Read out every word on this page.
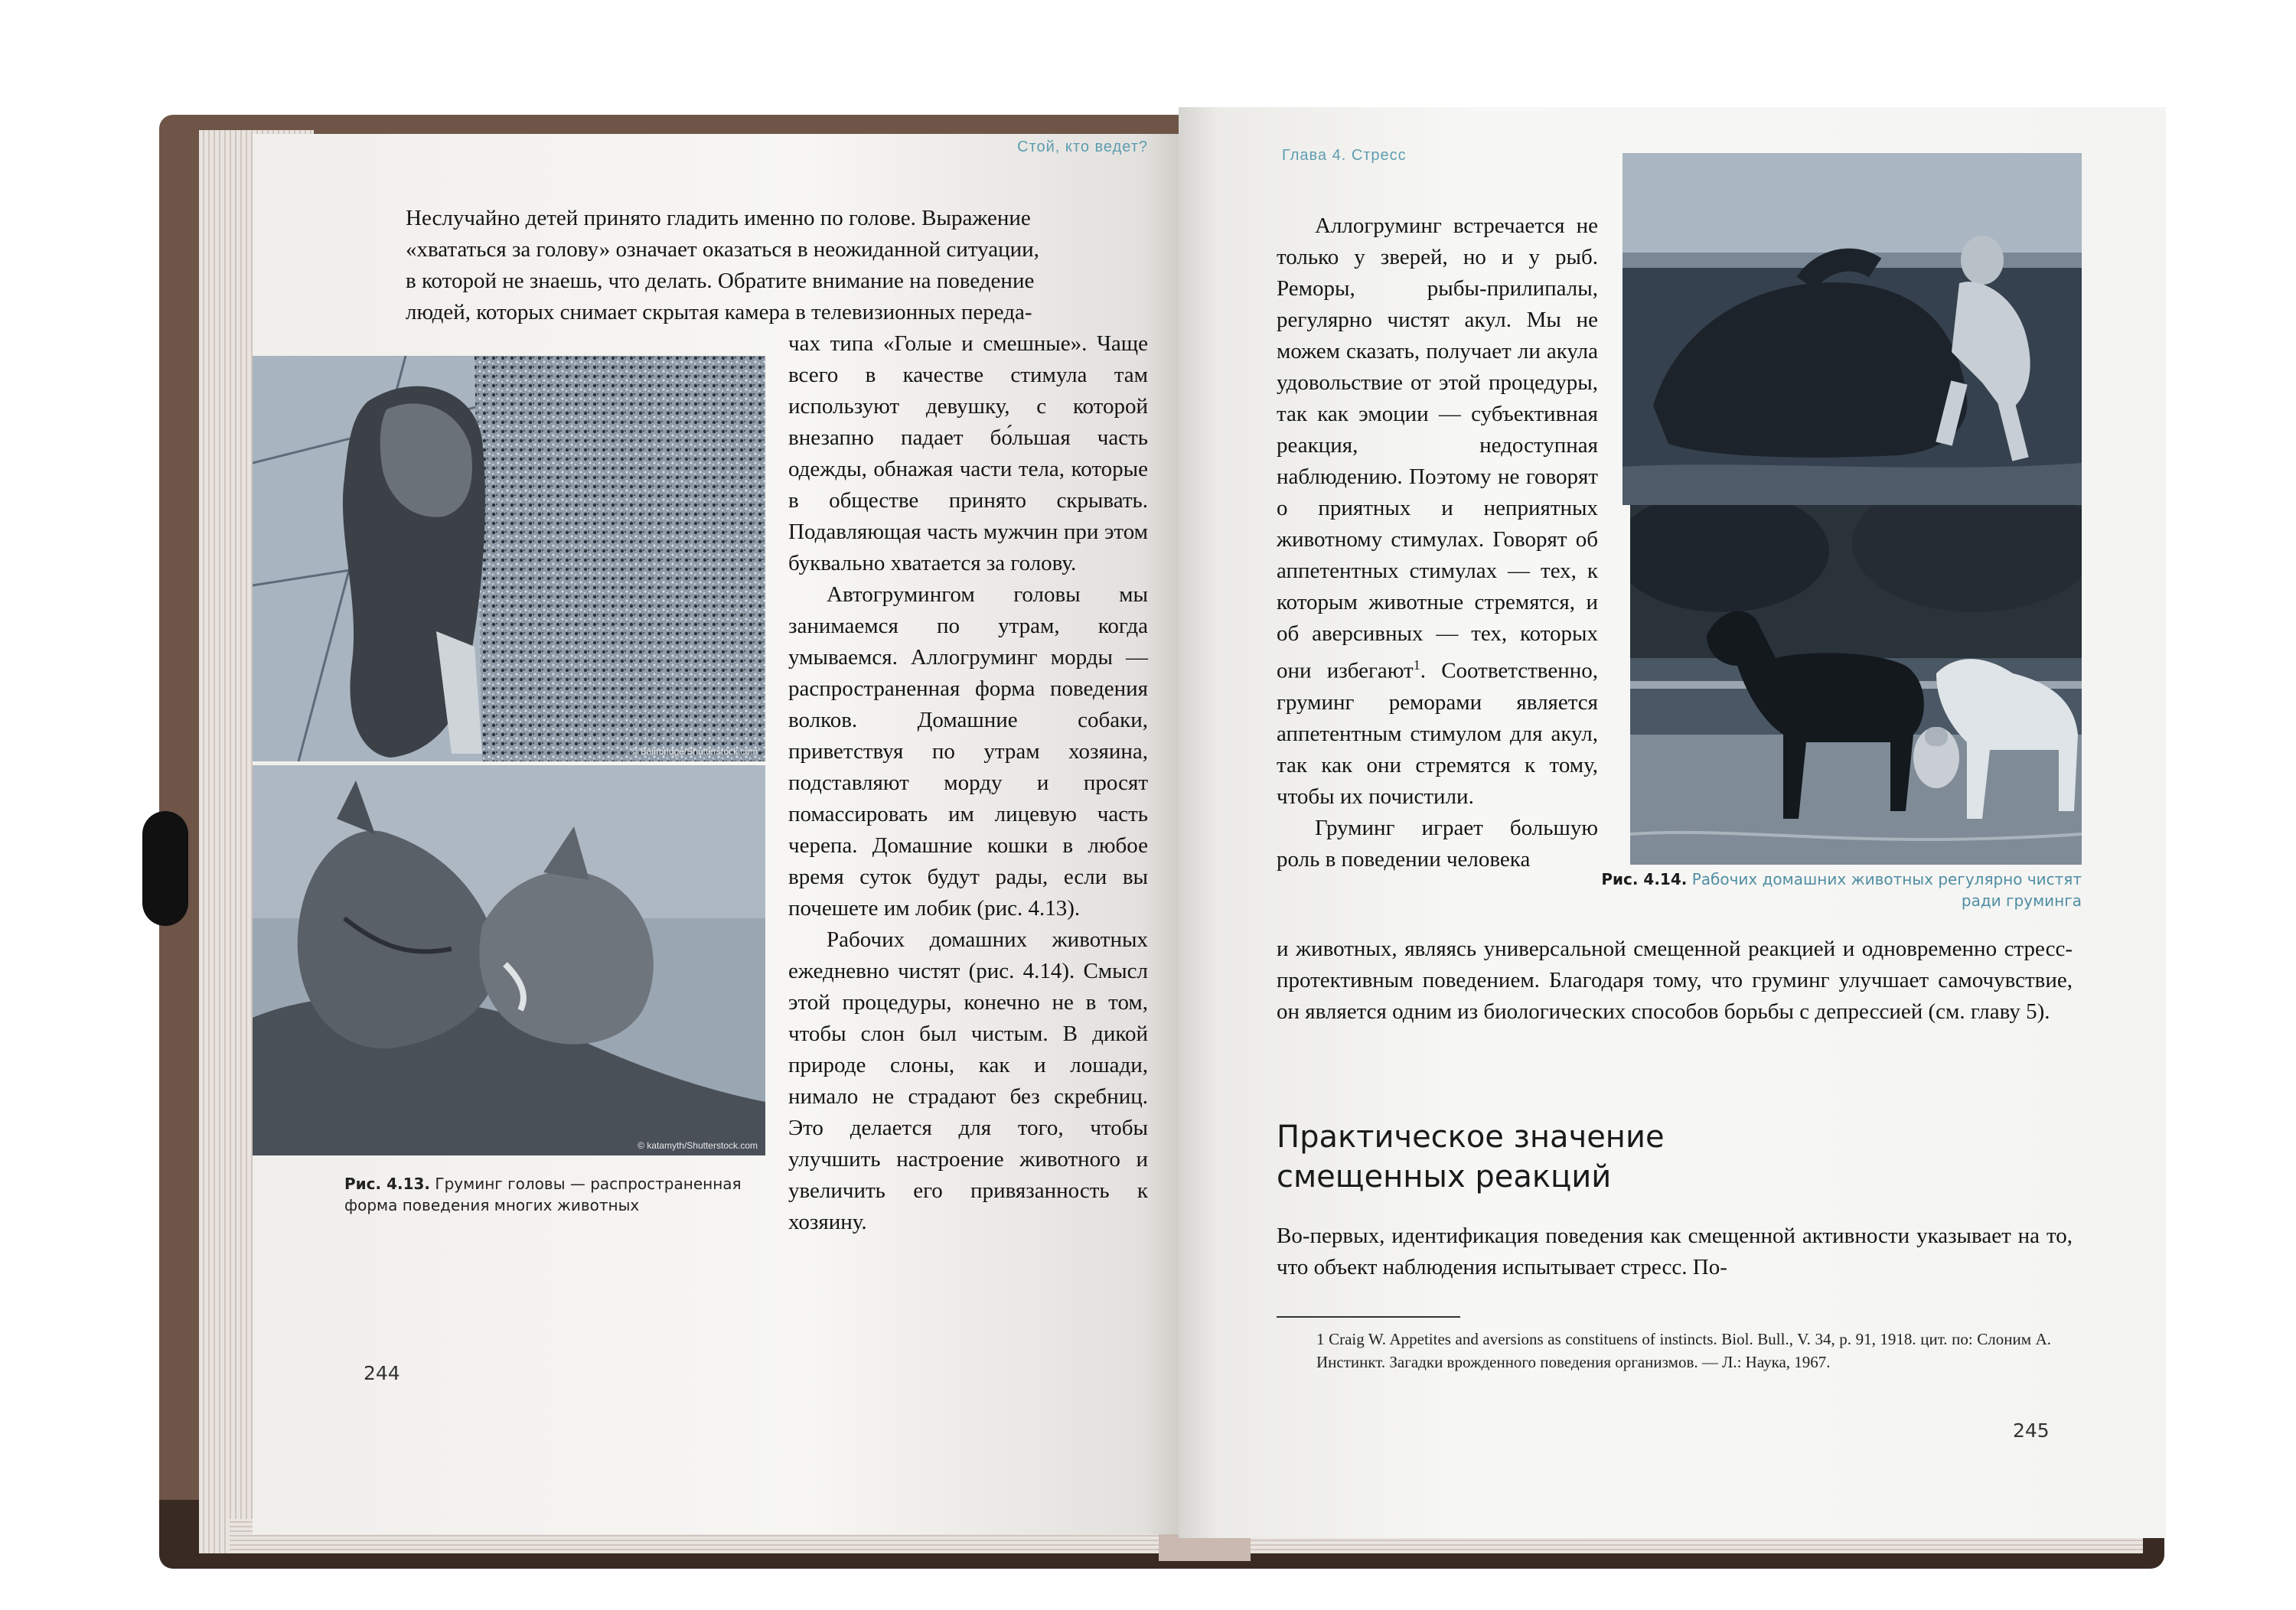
Стой, кто ведет?
Неслучайно детей принято гладить именно по голове. Выражение
«хвататься за голову» означает оказаться в неожиданной ситуации,
в которой не знаешь, что делать. Обратите внимание на поведение
людей, которых снимает скрытая камера в телевизионных переда-
© Bainbridge/Shutterstock.com
© katamyth/Shutterstock.com
Рис. 4.13. Груминг головы — распространенная форма поведения многих животных

чах типа «Голые и смешные». Чаще всего в качестве стимула там используют девушку, с которой внезапно падает бо́льшая часть одежды, обнажая части тела, которые в обществе принято скрывать. Подавляющая часть мужчин при этом буквально хватается за голову.

Автогрумингом головы мы занимаемся по утрам, когда умываемся. Аллогруминг морды — распространенная форма поведения волков. Домашние собаки, приветствуя по утрам хозяина, подставляют морду и просят помассировать им лицевую часть черепа. Домашние кошки в любое время суток будут рады, если вы почешете им лобик (рис. 4.13).

Рабочих домашних животных ежедневно чистят (рис. 4.14). Смысл этой процедуры, конечно не в том, чтобы слон был чистым. В дикой природе слоны, как и лошади, нимало не страдают без скребниц. Это делается для того, чтобы улучшить настроение животного и увеличить его привязанность к хозяину.

244
Глава 4. Стресс

Аллогруминг встречается не только у зверей, но и у рыб. Реморы, рыбы-прилипалы, регулярно чистят акул. Мы не можем сказать, получает ли акула удовольствие от этой процедуры, так как эмоции — субъективная реакция, недоступная наблюдению. Поэтому не говорят о приятных и неприятных животному стимулах. Говорят об аппетентных стимулах — тех, к которым животные стремятся, и об аверсивных — тех, которых они избегают$^1$. Соответственно, груминг реморами является аппетентным стимулом для акул, так как они стремятся к тому, чтобы их почистили.

Груминг играет большую роль в поведении человека

Рис. 4.14. Рабочих домашних животных регулярно чистят ради груминга

и животных, являясь универсальной смещенной реакцией и одновременно стресс-протективным поведением. Благодаря тому, что груминг улучшает самочувствие, он является одним из биологических способов борьбы с депрессией (см. главу 5).

Практическое значение
смещенных реакций

Во-первых, идентификация поведения как смещенной активности указывает на то, что объект наблюдения испытывает стресс. По-

1 Craig W. Appetites and aversions as constituens of instincts. Biol. Bull., V. 34, p. 91, 1918. цит. по: Слоним А. Инстинкт. Загадки врожденного поведения организмов. — Л.: Наука, 1967.
245
